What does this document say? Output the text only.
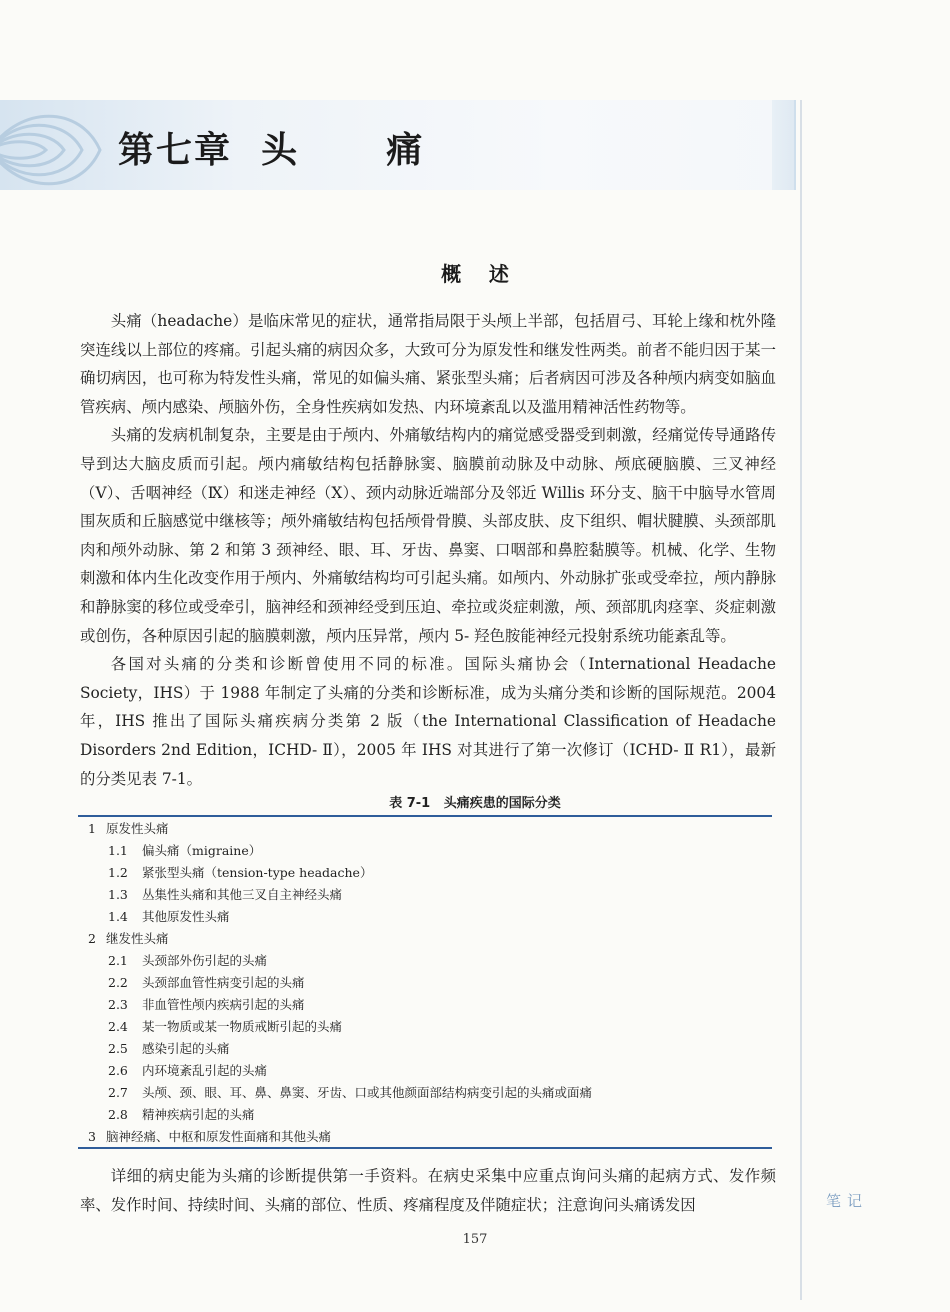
第七章  头      痛
概    述

头痛（headache）是临床常见的症状，通常指局限于头颅上半部，包括眉弓、耳轮上缘和枕外隆突连线以上部位的疼痛。引起头痛的病因众多，大致可分为原发性和继发性两类。前者不能归因于某一确切病因，也可称为特发性头痛，常见的如偏头痛、紧张型头痛；后者病因可涉及各种颅内病变如脑血管疾病、颅内感染、颅脑外伤，全身性疾病如发热、内环境紊乱以及滥用精神活性药物等。

头痛的发病机制复杂，主要是由于颅内、外痛敏结构内的痛觉感受器受到刺激，经痛觉传导通路传导到达大脑皮质而引起。颅内痛敏结构包括静脉窦、脑膜前动脉及中动脉、颅底硬脑膜、三叉神经（Ⅴ）、舌咽神经（Ⅸ）和迷走神经（Ⅹ）、颈内动脉近端部分及邻近 Willis 环分支、脑干中脑导水管周围灰质和丘脑感觉中继核等；颅外痛敏结构包括颅骨骨膜、头部皮肤、皮下组织、帽状腱膜、头颈部肌肉和颅外动脉、第 2 和第 3 颈神经、眼、耳、牙齿、鼻窦、口咽部和鼻腔黏膜等。机械、化学、生物刺激和体内生化改变作用于颅内、外痛敏结构均可引起头痛。如颅内、外动脉扩张或受牵拉，颅内静脉和静脉窦的移位或受牵引，脑神经和颈神经受到压迫、牵拉或炎症刺激，颅、颈部肌肉痉挛、炎症刺激或创伤，各种原因引起的脑膜刺激，颅内压异常，颅内 5- 羟色胺能神经元投射系统功能紊乱等。

各国对头痛的分类和诊断曾使用不同的标准。国际头痛协会（International Headache Society，IHS）于 1988 年制定了头痛的分类和诊断标准，成为头痛分类和诊断的国际规范。2004 年，IHS 推出了国际头痛疾病分类第 2 版（the International Classification of Headache Disorders 2nd Edition，ICHD- Ⅱ），2005 年 IHS 对其进行了第一次修订（ICHD- Ⅱ R1），最新的分类见表 7-1。

表 7-1   头痛疾患的国际分类
1 原发性头痛
1.1 偏头痛（migraine）
1.2 紧张型头痛（tension-type headache）
1.3 丛集性头痛和其他三叉自主神经头痛
1.4 其他原发性头痛
2 继发性头痛
2.1 头颈部外伤引起的头痛
2.2 头颈部血管性病变引起的头痛
2.3 非血管性颅内疾病引起的头痛
2.4 某一物质或某一物质戒断引起的头痛
2.5 感染引起的头痛
2.6 内环境紊乱引起的头痛
2.7 头颅、颈、眼、耳、鼻、鼻窦、牙齿、口或其他颜面部结构病变引起的头痛或面痛
2.8 精神疾病引起的头痛
3 脑神经痛、中枢和原发性面痛和其他头痛

详细的病史能为头痛的诊断提供第一手资料。在病史采集中应重点询问头痛的起病方式、发作频率、发作时间、持续时间、头痛的部位、性质、疼痛程度及伴随症状；注意询问头痛诱发因	笔记
157
